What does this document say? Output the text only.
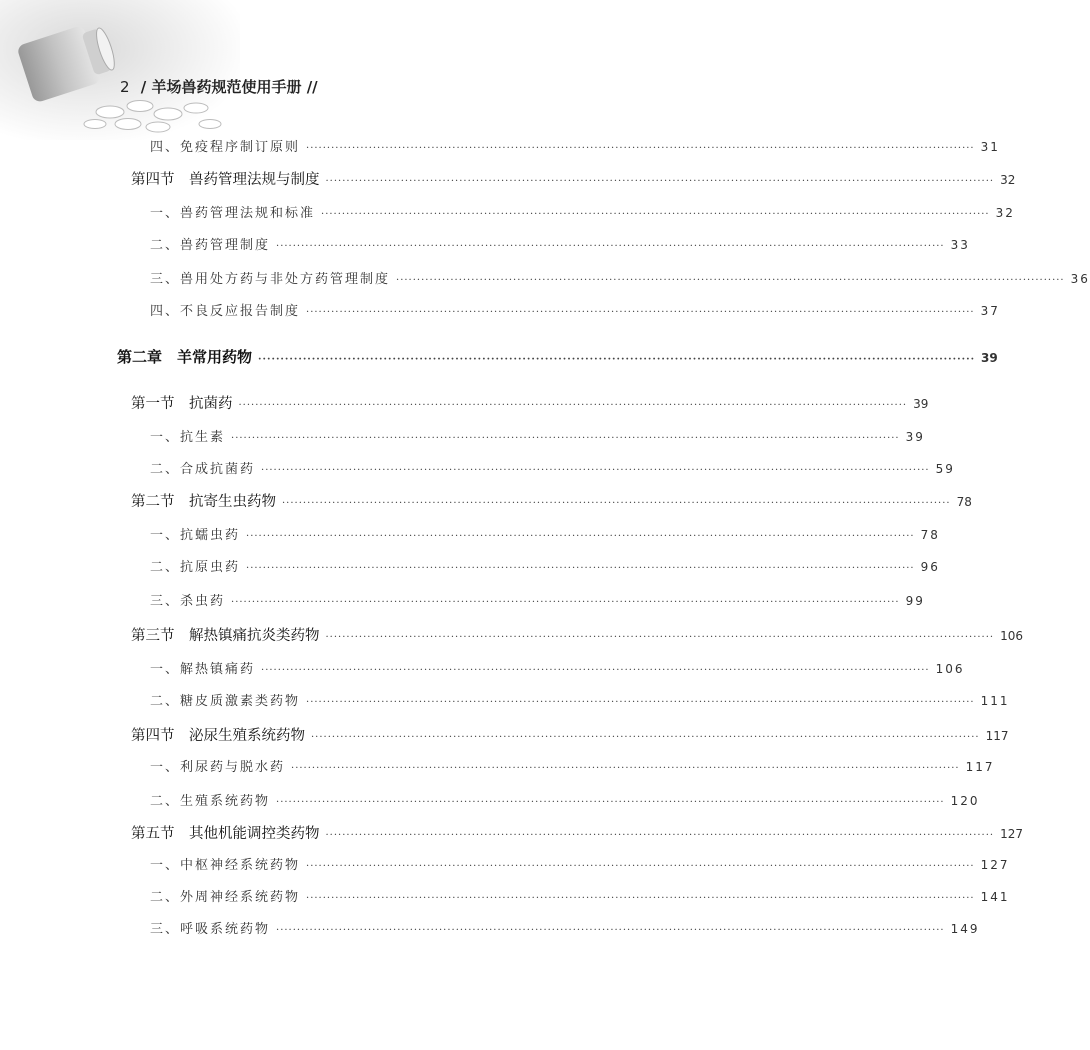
2 / 羊场兽药规范使用手册 //
四、免疫程序制订原则 ································································································································································ 31
第四节　兽药管理法规与制度 ································································································································································ 32
一、兽药管理法规和标准 ································································································································································ 32
二、兽药管理制度 ································································································································································ 33
三、兽用处方药与非处方药管理制度 ································································································································································ 36
四、不良反应报告制度 ································································································································································ 37
第二章　羊常用药物 ································································································································································ 39
第一节　抗菌药 ································································································································································ 39
一、抗生素 ································································································································································ 39
二、合成抗菌药 ································································································································································ 59
第二节　抗寄生虫药物 ································································································································································ 78
一、抗蠕虫药 ································································································································································ 78
二、抗原虫药 ································································································································································ 96
三、杀虫药 ································································································································································ 99
第三节　解热镇痛抗炎类药物 ································································································································································ 106
一、解热镇痛药 ································································································································································ 106
二、糖皮质激素类药物 ································································································································································ 111
第四节　泌尿生殖系统药物 ································································································································································ 117
一、利尿药与脱水药 ································································································································································ 117
二、生殖系统药物 ································································································································································ 120
第五节　其他机能调控类药物 ································································································································································ 127
一、中枢神经系统药物 ································································································································································ 127
二、外周神经系统药物 ································································································································································ 141
三、呼吸系统药物 ································································································································································ 149
